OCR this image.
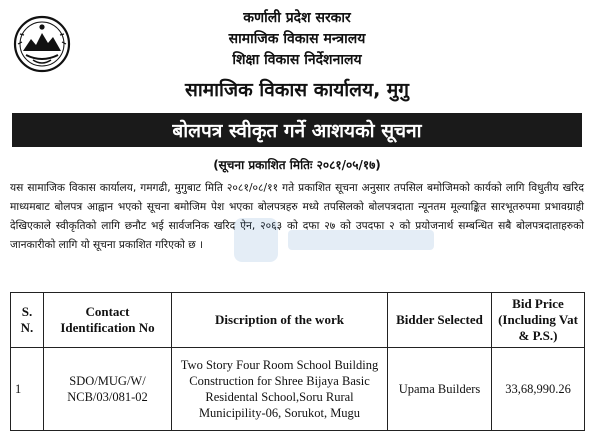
कर्णाली प्रदेश सरकार
सामाजिक विकास मन्त्रालय
शिक्षा विकास निर्देशनालय
सामाजिक विकास कार्यालय, मुगु
बोलपत्र स्वीकृत गर्ने आशयको सूचना
(सूचना प्रकाशित मितिः २०८१/०५/१७)
यस सामाजिक विकास कार्यालय, गमगढी, मुगुबाट मिति २०८१/०८/११ गते प्रकाशित सूचना अनुसार तपसिल बमोजिमको कार्यको लागि विधुतीय खरिद माध्यमबाट बोलपत्र आह्वान भएको सूचना बमोजिम पेश भएका बोलपत्रहरु मध्ये तपसिलको बोलपत्रदाता न्यूनतम मूल्याङ्कित सारभूतरुपमा प्रभावग्राही देखिएकाले स्वीकृतिको लागि छनौट भई सार्वजनिक खरिद ऐन, २०६३ को दफा २७ को उपदफा २ को प्रयोजनार्थ सम्बन्धित सबै बोलपत्रदाताहरुको जानकारीको लागि यो सूचना प्रकाशित गरिएको छ ।
S. N.	Contact Identification No	Discription of the work	Bidder Selected	Bid Price (Including Vat & P.S.)
1	SDO/MUG/W/ NCB/03/081-02	Two Story Four Room School Building Construction for Shree Bijaya Basic Residental School,Soru Rural Municipility-06, Sorukot, Mugu	Upama Builders	33,68,990.26
